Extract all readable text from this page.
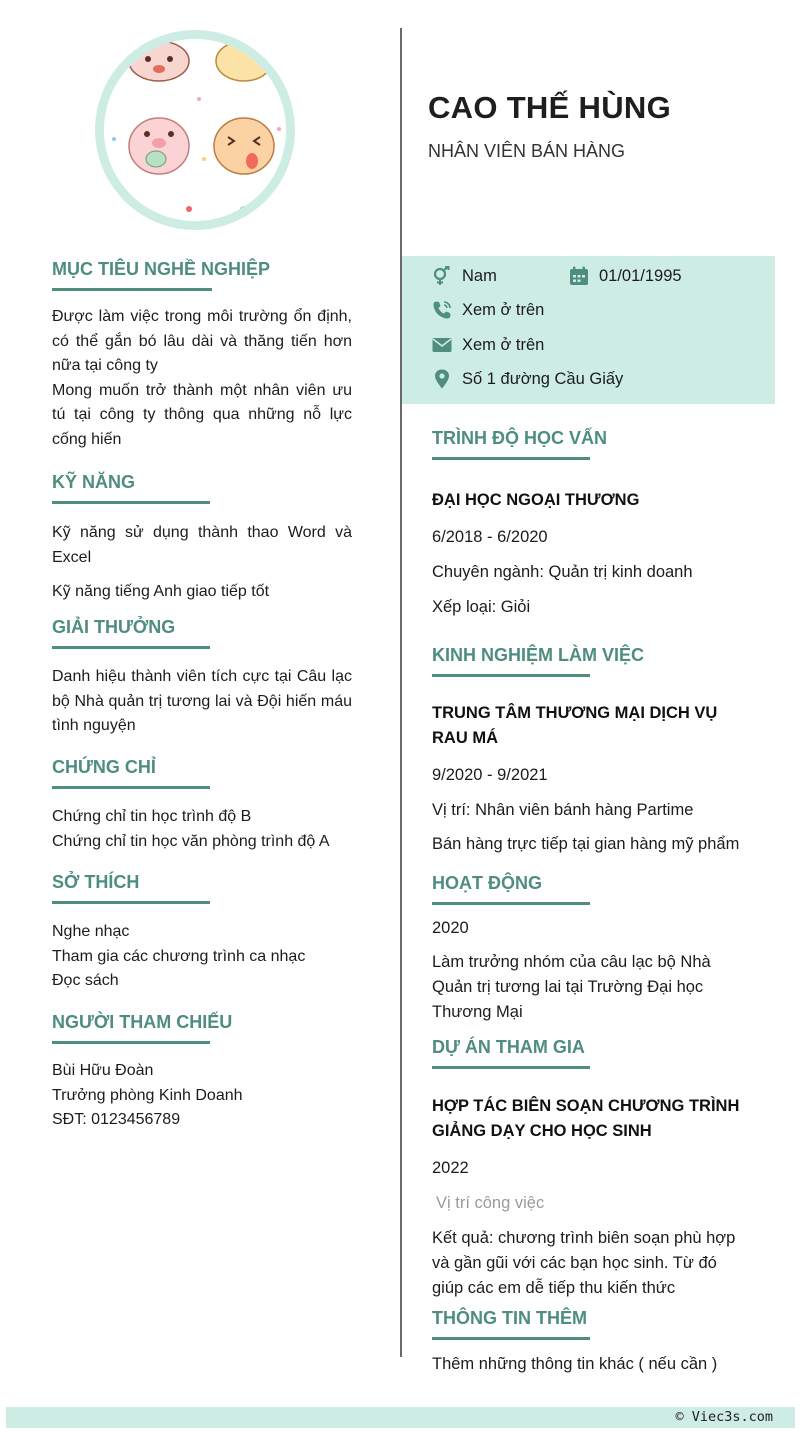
MỤC TIÊU NGHỀ NGHIỆP

Được làm việc trong môi trường ổn định, có thể gắn bó lâu dài và thăng tiến hơn nữa tại công ty

Mong muốn trở thành một nhân viên ưu tú tại công ty thông qua những nỗ lực cống hiến

KỸ NĂNG

Kỹ năng sử dụng thành thao Word và Excel

Kỹ năng tiếng Anh giao tiếp tốt

GIẢI THƯỞNG

Danh hiệu thành viên tích cực tại Câu lạc bộ Nhà quản trị tương lai và Đội hiến máu tình nguyện

CHỨNG CHỈ

Chứng chỉ tin học trình độ B

Chứng chỉ tin học văn phòng trình độ A

SỞ THÍCH

Nghe nhạc

Tham gia các chương trình ca nhạc

Đọc sách

NGƯỜI THAM CHIẾU

Bùi Hữu Đoàn

Trưởng phòng Kinh Doanh

SĐT: 0123456789

CAO THẾ HÙNG
NHÂN VIÊN BÁN HÀNG
Nam	01/01/1995
Xem ở trên
Xem ở trên
Số 1 đường Cầu Giấy
TRÌNH ĐỘ HỌC VẤN
ĐẠI HỌC NGOẠI THƯƠNG
6/2018 - 6/2020
Chuyên ngành: Quản trị kinh doanh
Xếp loại: Giỏi
KINH NGHIỆM LÀM VIỆC
TRUNG TÂM THƯƠNG MẠI DỊCH VỤ RAU MÁ
9/2020 - 9/2021
Vị trí: Nhân viên bánh hàng Partime
Bán hàng trực tiếp tại gian hàng mỹ phẩm
HOẠT ĐỘNG
2020
Làm trưởng nhóm của câu lạc bộ Nhà Quản trị tương lai tại Trường Đại học Thương Mại
DỰ ÁN THAM GIA
HỢP TÁC BIÊN SOẠN CHƯƠNG TRÌNH GIẢNG DẠY CHO HỌC SINH
2022
Vị trí công việc
Kết quả: chương trình biên soạn phù hợp và gần gũi với các bạn học sinh. Từ đó giúp các em dễ tiếp thu kiến thức
THÔNG TIN THÊM
Thêm những thông tin khác ( nếu cần )
© Viec3s.com
